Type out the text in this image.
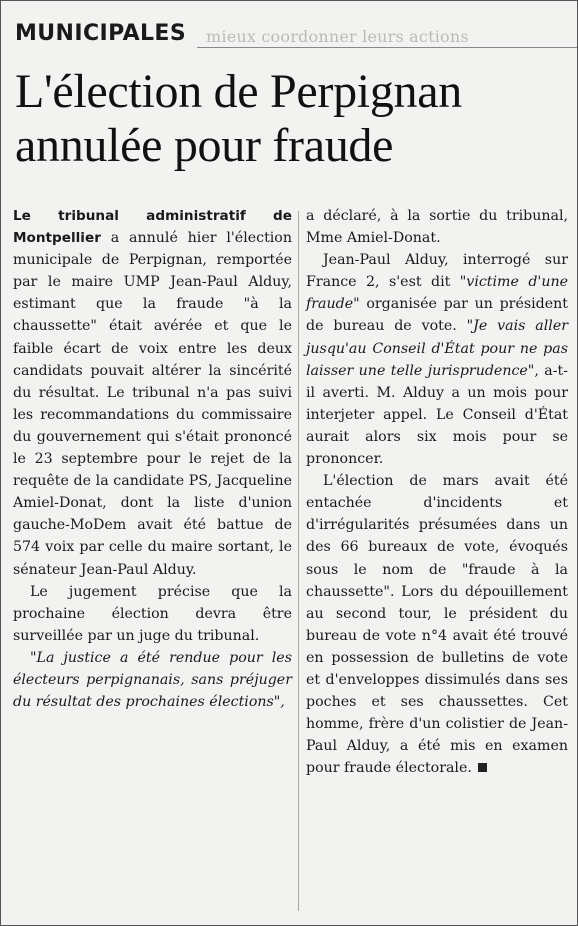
mieux coordonner leurs actions
MUNICIPALES
L'élection de Perpignan annulée pour fraude

Le tribunal administratif de Montpellier a annulé hier l'élection municipale de Perpignan, remportée par le maire UMP Jean-Paul Alduy, estimant que la fraude "à la chaussette" était avérée et que le faible écart de voix entre les deux candidats pouvait altérer la sincérité du résultat. Le tribunal n'a pas suivi les recommandations du commissaire du gouvernement qui s'était prononcé le 23 septembre pour le rejet de la requête de la candidate PS, Jacqueline Amiel-Donat, dont la liste d'union gauche-MoDem avait été battue de 574 voix par celle du maire sortant, le sénateur Jean-Paul Alduy.

Le jugement précise que la prochaine élection devra être surveillée par un juge du tribunal.

"La justice a été rendue pour les électeurs perpignanais, sans préjuger du résultat des prochaines élections",

a déclaré, à la sortie du tribunal, Mme Amiel-Donat.

Jean-Paul Alduy, interrogé sur France 2, s'est dit "victime d'une fraude" organisée par un président de bureau de vote. "Je vais aller jusqu'au Conseil d'État pour ne pas laisser une telle jurisprudence", a-t-il averti. M. Alduy a un mois pour interjeter appel. Le Conseil d'État aurait alors six mois pour se prononcer.

L'élection de mars avait été entachée d'incidents et d'irrégularités présumées dans un des 66 bureaux de vote, évoqués sous le nom de "fraude à la chaussette". Lors du dépouillement au second tour, le président du bureau de vote n°4 avait été trouvé en possession de bulletins de vote et d'enveloppes dissimulés dans ses poches et ses chaussettes. Cet homme, frère d'un colistier de Jean-Paul Alduy, a été mis en examen pour fraude électorale.
